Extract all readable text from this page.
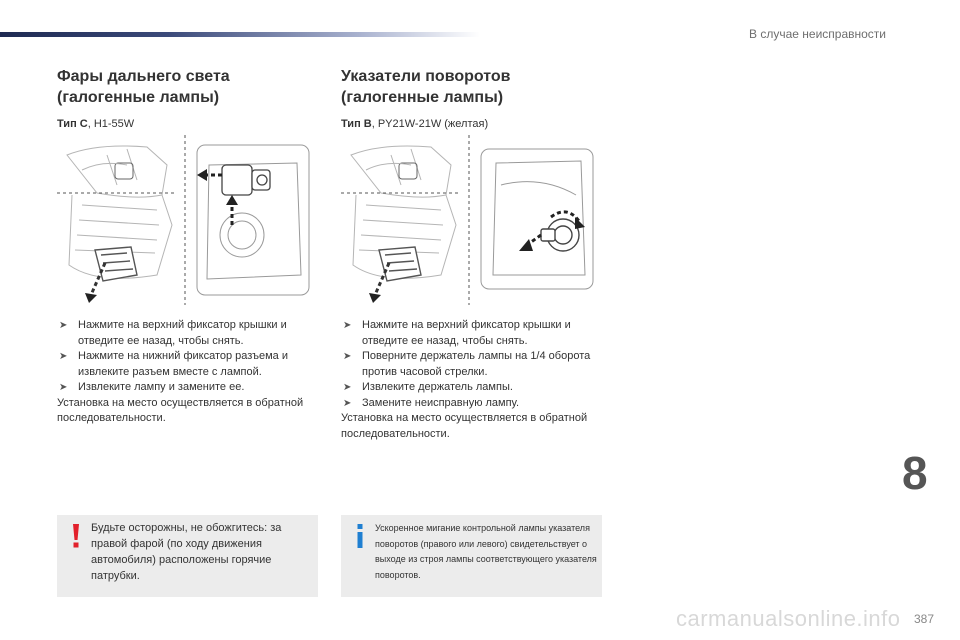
В случае неисправности
Фары дальнего света
(галогенные лампы)
Тип C, H1-55W
➤ Нажмите на верхний фиксатор крышки и отведите ее назад, чтобы снять.
➤ Нажмите на нижний фиксатор разъема и извлеките разъем вместе с лампой.
➤ Извлеките лампу и замените ее.
Установка на место осуществляется в обратной последовательности.
Указатели поворотов
(галогенные лампы)
Тип B, PY21W-21W (желтая)
➤ Нажмите на верхний фиксатор крышки и отведите ее назад, чтобы снять.
➤ Поверните держатель лампы на 1/4 оборота против часовой стрелки.
➤ Извлеките держатель лампы.
➤ Замените неисправную лампу.
Установка на место осуществляется в обратной последовательности.
Будьте осторожны, не обожгитесь: за правой фарой (по ходу движения автомобиля) расположены горячие патрубки.
Ускоренное мигание контрольной лампы указателя поворотов (правого или левого) свидетельствует о выходе из строя лампы соответствующего указателя поворотов.
8
carmanualsonline.info 387
